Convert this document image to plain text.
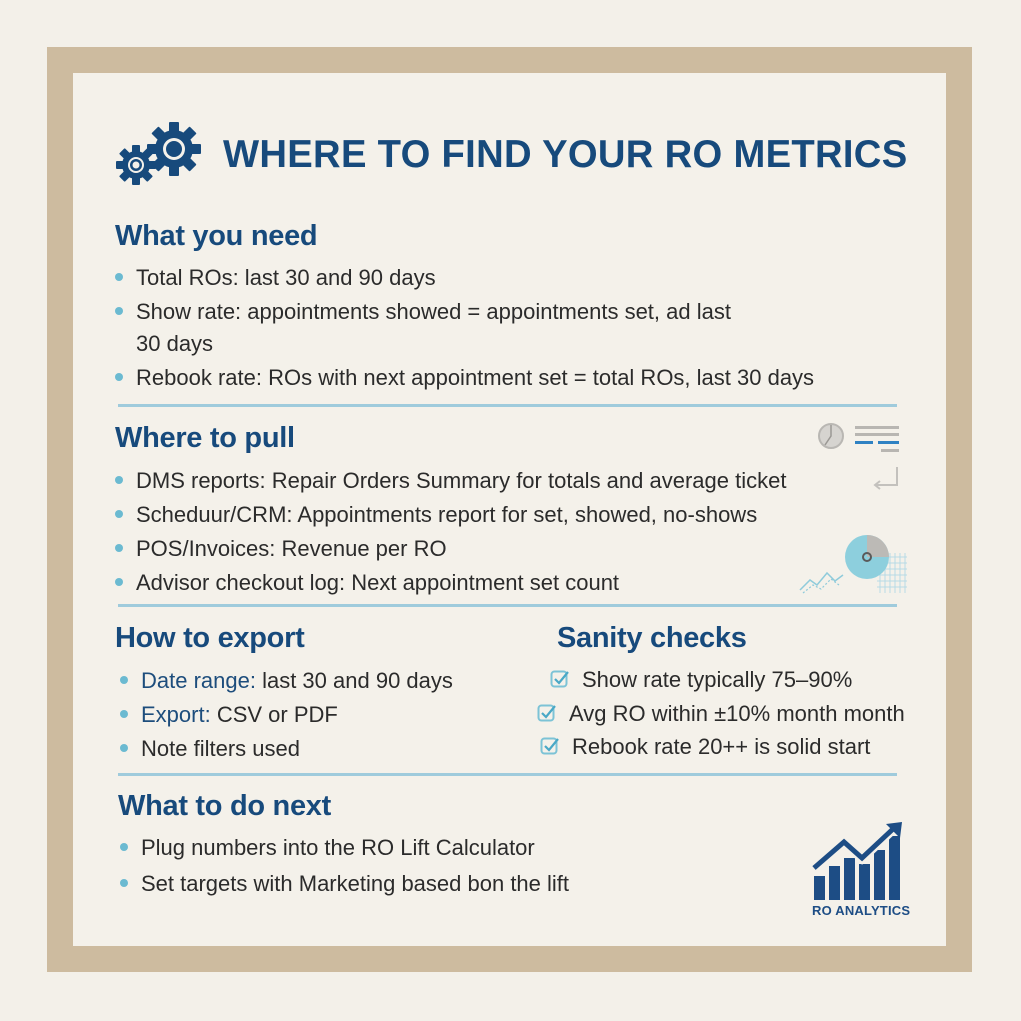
WHERE TO FIND YOUR RO METRICS
What you need
Total ROs: last 30 and 90 days
Show rate: appointments showed = appointments set, ad last
30 days
Rebook rate: ROs with next appointment set = total ROs, last 30 days
Where to pull
DMS reports: Repair Orders Summary for totals and average ticket
Scheduur/CRM: Appointments report for set, showed, no-shows
POS/Invoices: Revenue per RO
Advisor checkout log: Next appointment set count
How to export
Date range: last 30 and 90 days
Export: CSV or PDF
Note filters used
Sanity checks
Show rate typically 75–90%
Avg RO within ±10% month month
Rebook rate 20++ is solid start
What to do next
Plug numbers into the RO Lift Calculator
Set targets with Marketing based bon the lift
RO ANALYTICS
